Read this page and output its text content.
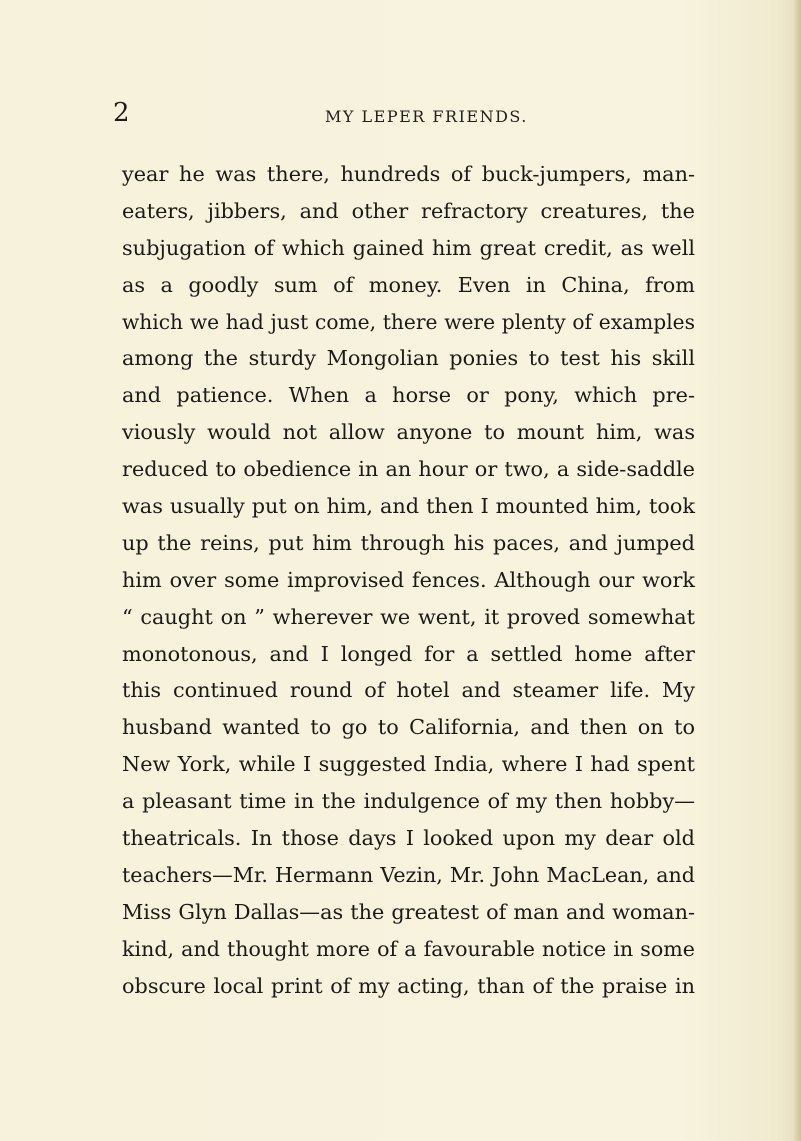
2	MY LEPER FRIENDS.
year he was there, hundreds of buck-jumpers, man-
eaters, jibbers, and other refractory creatures, the
subjugation of which gained him great credit, as well
as a goodly sum of money. Even in China, from
which we had just come, there were plenty of examples
among the sturdy Mongolian ponies to test his skill
and patience. When a horse or pony, which pre-
viously would not allow anyone to mount him, was
reduced to obedience in an hour or two, a side-saddle
was usually put on him, and then I mounted him, took
up the reins, put him through his paces, and jumped
him over some improvised fences. Although our work
“ caught on ” wherever we went, it proved somewhat
monotonous, and I longed for a settled home after
this continued round of hotel and steamer life. My
husband wanted to go to California, and then on to
New York, while I suggested India, where I had spent
a pleasant time in the indulgence of my then hobby—
theatricals. In those days I looked upon my dear old
teachers—Mr. Hermann Vezin, Mr. John MacLean, and
Miss Glyn Dallas—as the greatest of man and woman-
kind, and thought more of a favourable notice in some
obscure local print of my acting, than of the praise in
